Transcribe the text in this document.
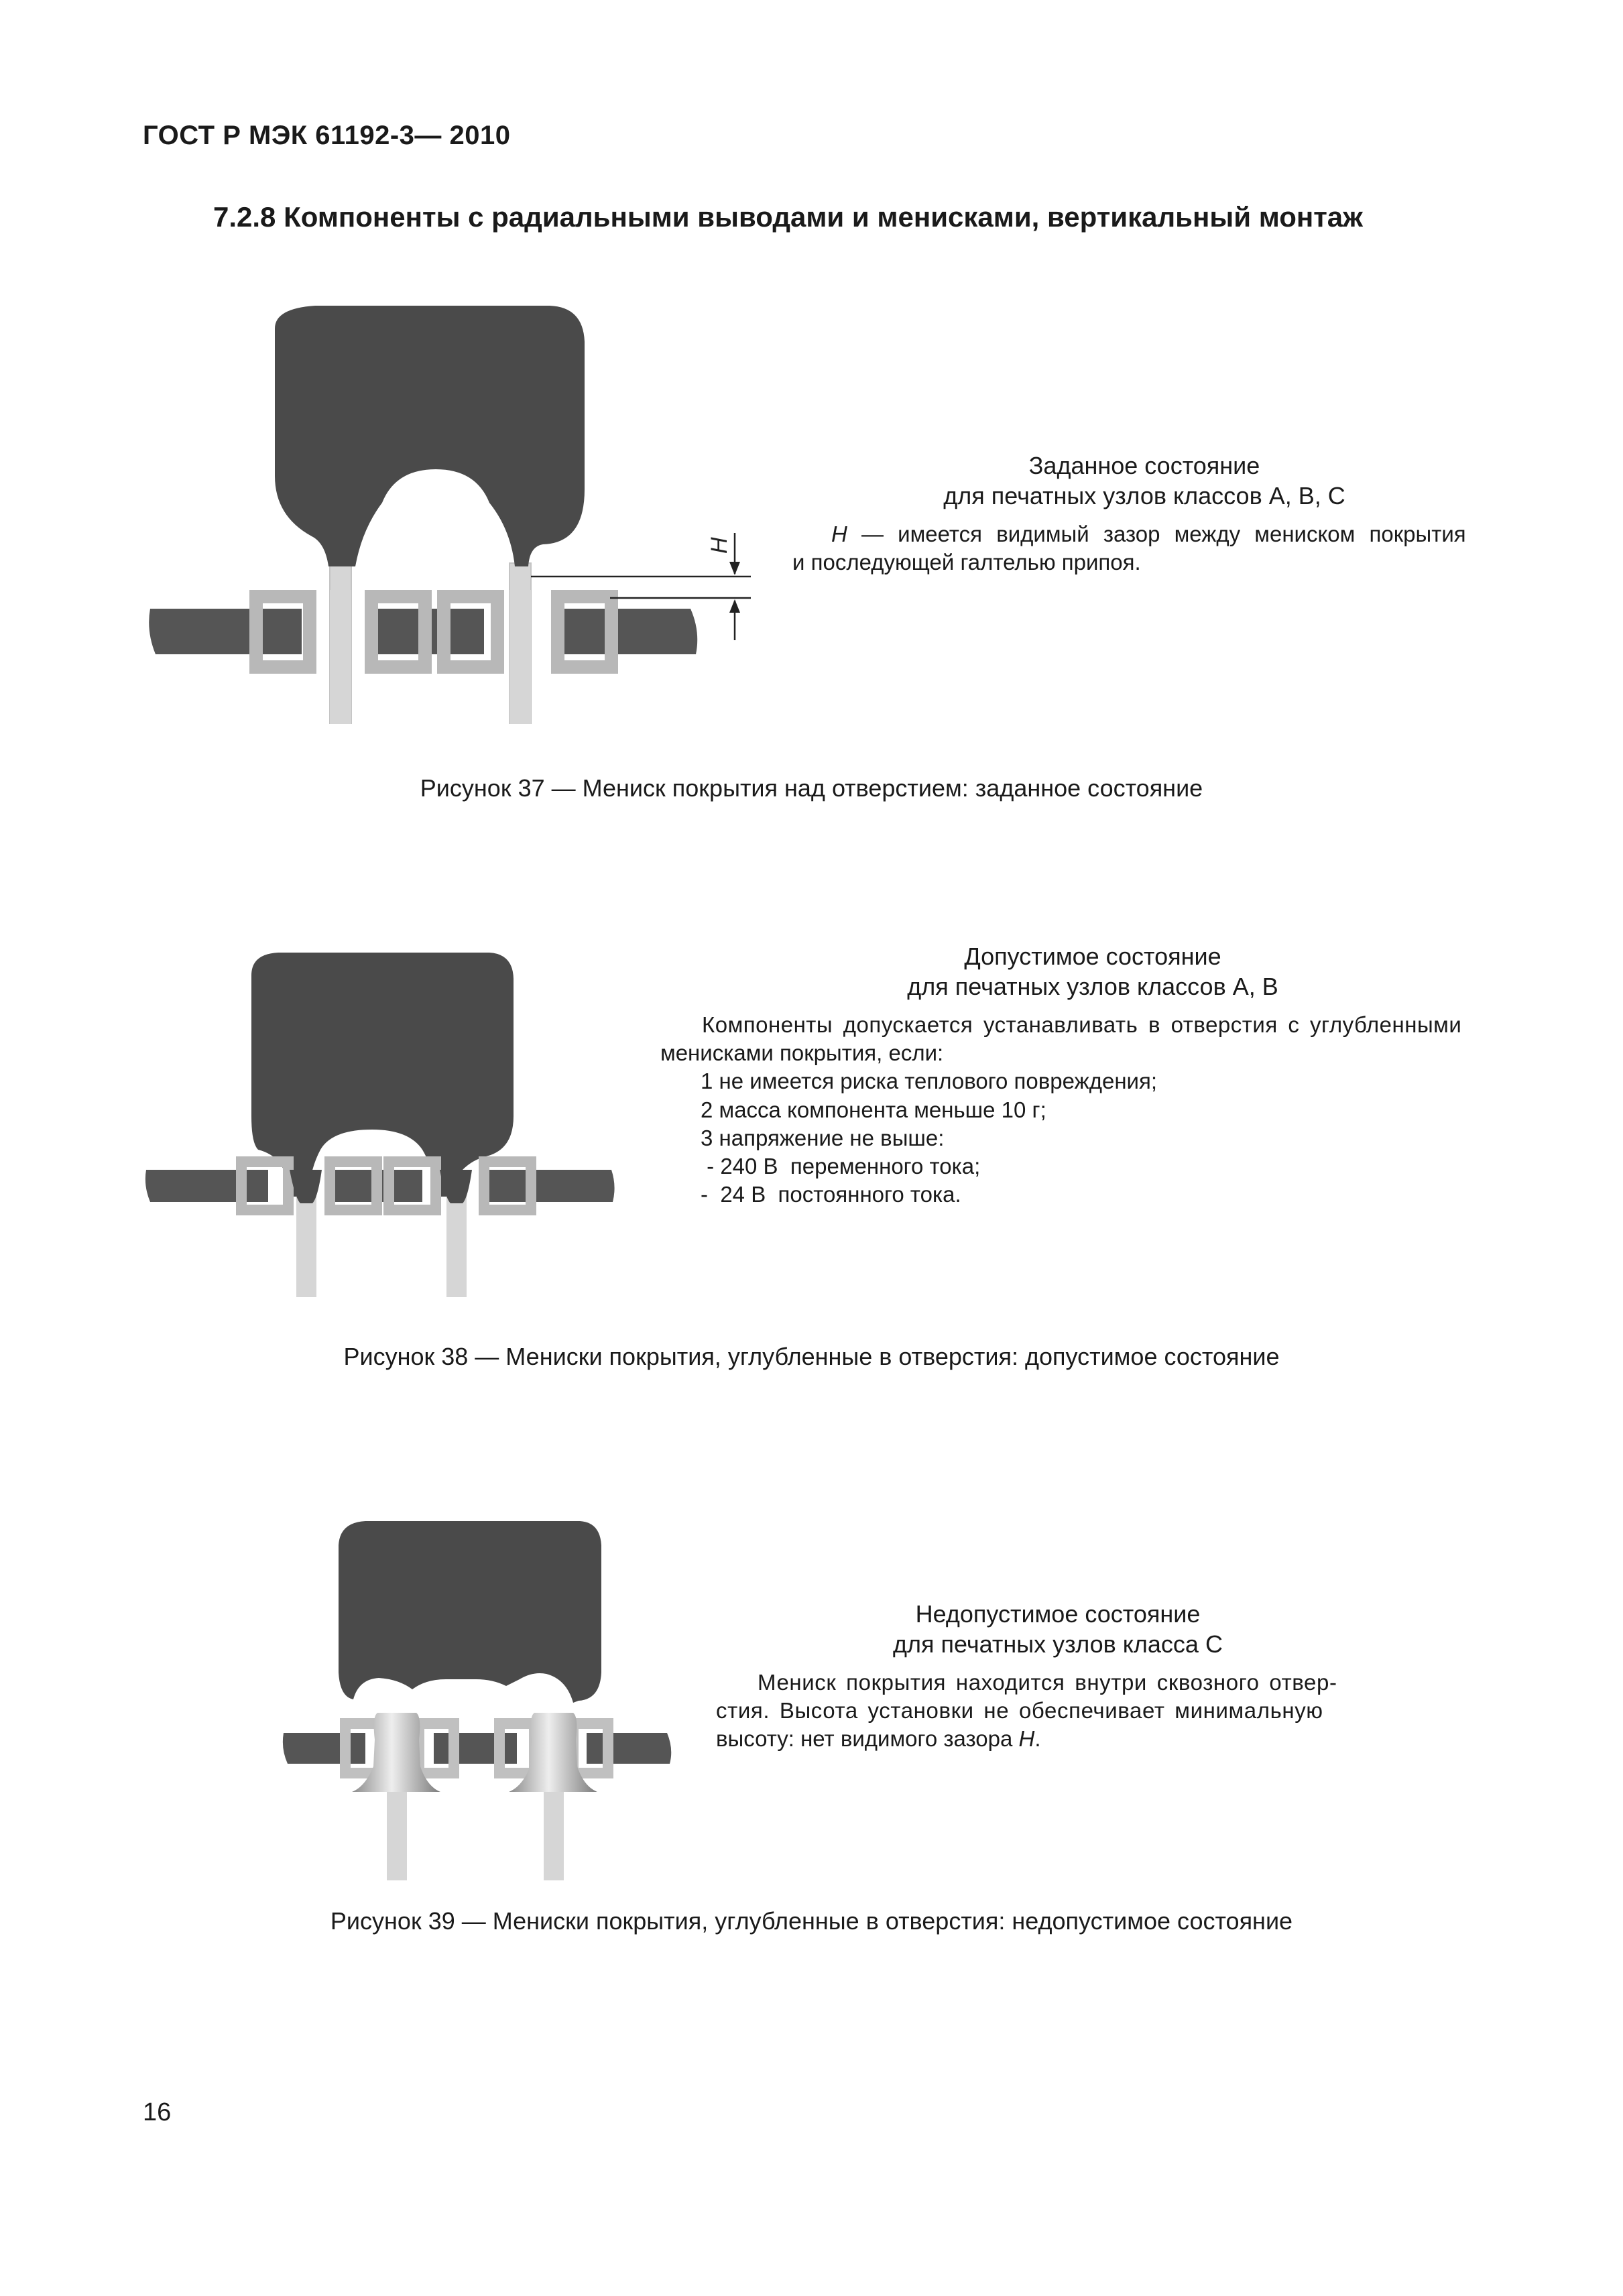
ГОСТ Р МЭК 61192-3— 2010
7.2.8 Компоненты с радиальными выводами и менисками, вертикальный монтаж
H
Заданное состояние
для печатных узлов классов А, В, С

H — имеется видимый зазор между мениском покрытия

и последующей галтелью припоя.

Рисунок 37 — Мениск покрытия над отверстием: заданное состояние
Допустимое состояние
для печатных узлов классов А, В

Компоненты допускается устанавливать в отверстия с углубленными

менисками покрытия, если:

1 не имеется риска теплового повреждения;

2 масса компонента меньше 10 г;

3 напряжение не выше:

- 240 В  переменного тока;

-  24 В  постоянного тока.

Рисунок 38 — Мениски покрытия, углубленные в отверстия: допустимое состояние
Недопустимое состояние
для печатных узлов класса С

Мениск покрытия находится внутри сквозного отвер-

стия. Высота установки не обеспечивает минимальную

высоту: нет видимого зазора H.

Рисунок 39 — Мениски покрытия, углубленные в отверстия: недопустимое состояние
16
